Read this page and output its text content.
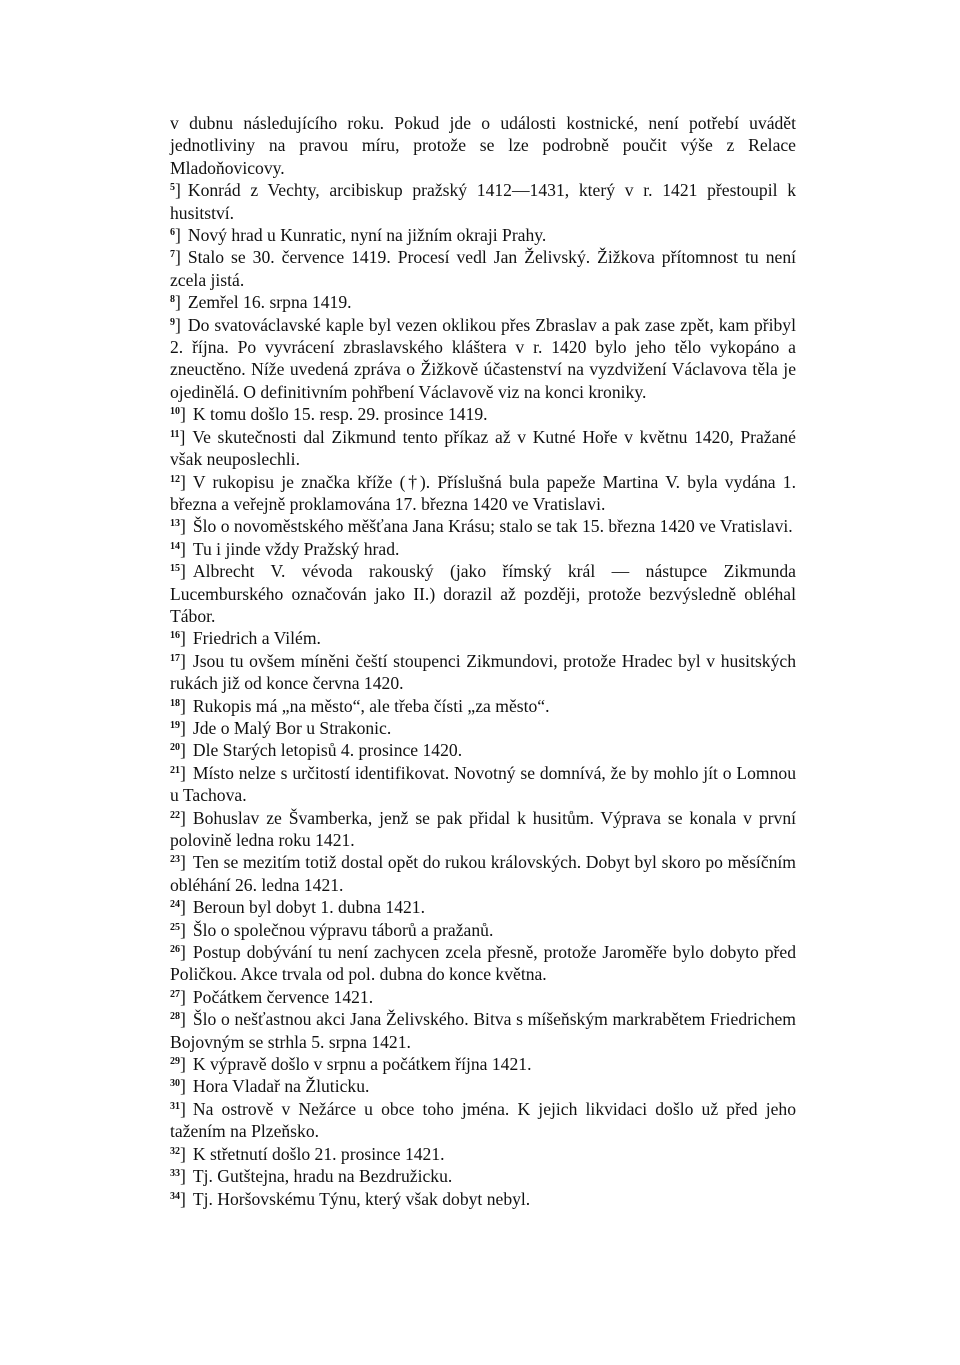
v dubnu následujícího roku. Pokud jde o události kostnické, není potřebí uvádět jednotliviny na pravou míru, protože se lze podrobně poučit výše z Relace Mladoňovicovy.

$^5$] Konrád z Vechty, arcibiskup pražský 1412—1431, který v r. 1421 přestoupil k husitství.

$^6$] Nový hrad u Kunratic, nyní na jižním okraji Prahy.

$^7$] Stalo se 30. července 1419. Procesí vedl Jan Želivský. Žižkova přítomnost tu není zcela jistá.

$^8$] Zemřel 16. srpna 1419.

$^9$] Do svatováclavské kaple byl vezen oklikou přes Zbraslav a pak zase zpět, kam přibyl 2. října. Po vyvrácení zbraslavského kláštera v r. 1420 bylo jeho tělo vykopáno a zneuctěno. Níže uvedená zpráva o Žižkově účastenství na vyzdvižení Václavova těla je ojedinělá. O definitivním pohřbení Václavově viz na konci kroniky.

$^{10}$] K tomu došlo 15. resp. 29. prosince 1419.

$^{11}$] Ve skutečnosti dal Zikmund tento příkaz až v Kutné Hoře v květnu 1420, Pražané však neuposlechli.

$^{12}$] V rukopisu je značka kříže (†). Příslušná bula papeže Martina V. byla vydána 1. března a veřejně proklamována 17. března 1420 ve Vratislavi.

$^{13}$] Šlo o novoměstského měšťana Jana Krásu; stalo se tak 15. března 1420 ve Vratislavi.

$^{14}$] Tu i jinde vždy Pražský hrad.

$^{15}$] Albrecht V. vévoda rakouský (jako římský král — nástupce Zikmunda Lucemburského označován jako II.) dorazil až později, protože bezvýsledně obléhal Tábor.

$^{16}$] Friedrich a Vilém.

$^{17}$] Jsou tu ovšem míněni čeští stoupenci Zikmundovi, protože Hradec byl v husitských rukách již od konce června 1420.

$^{18}$] Rukopis má „na město“, ale třeba čísti „za město“.

$^{19}$] Jde o Malý Bor u Strakonic.

$^{20}$] Dle Starých letopisů 4. prosince 1420.

$^{21}$] Místo nelze s určitostí identifikovat. Novotný se domnívá, že by mohlo jít o Lomnou u Tachova.

$^{22}$] Bohuslav ze Švamberka, jenž se pak přidal k husitům. Výprava se konala v první polovině ledna roku 1421.

$^{23}$] Ten se mezitím totiž dostal opět do rukou královských. Dobyt byl skoro po měsíčním obléhání 26. ledna 1421.

$^{24}$] Beroun byl dobyt 1. dubna 1421.

$^{25}$] Šlo o společnou výpravu táborů a pražanů.

$^{26}$] Postup dobývání tu není zachycen zcela přesně, protože Jaroměře bylo dobyto před Poličkou. Akce trvala od pol. dubna do konce května.

$^{27}$] Počátkem července 1421.

$^{28}$] Šlo o nešťastnou akci Jana Želivského. Bitva s míšeňským markrabětem Friedrichem Bojovným se strhla 5. srpna 1421.

$^{29}$] K výpravě došlo v srpnu a počátkem října 1421.

$^{30}$] Hora Vladař na Žluticku.

$^{31}$] Na ostrově v Nežárce u obce toho jména. K jejich likvidaci došlo už před jeho tažením na Plzeňsko.

$^{32}$] K střetnutí došlo 21. prosince 1421.

$^{33}$] Tj. Gutštejna, hradu na Bezdružicku.

$^{34}$] Tj. Horšovskému Týnu, který však dobyt nebyl.
